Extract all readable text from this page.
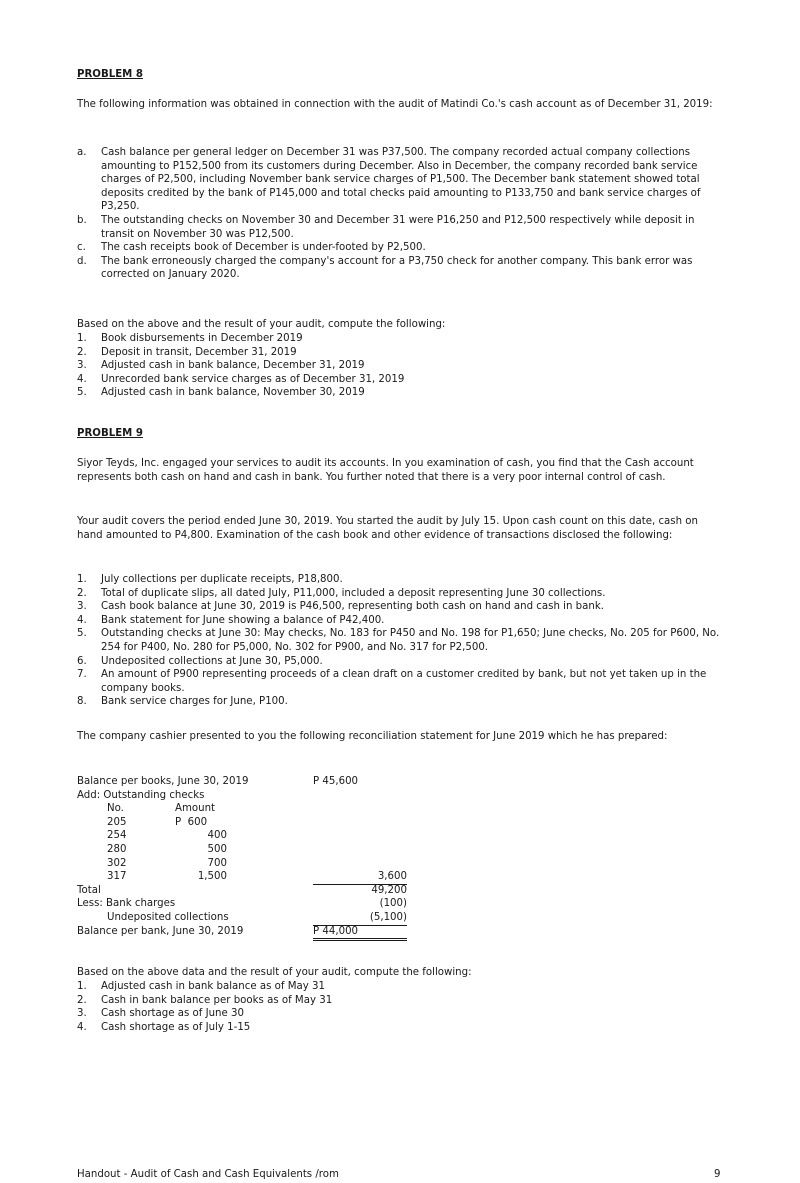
PROBLEM 8
The following information was obtained in connection with the audit of Matindi Co.'s cash account as of December 31, 2019:
a. Cash balance per general ledger on December 31 was P37,500. The company recorded actual company collections amounting to P152,500 from its customers during December. Also in December, the company recorded bank service charges of P2,500, including November bank service charges of P1,500. The December bank statement showed total deposits credited by the bank of P145,000 and total checks paid amounting to P133,750 and bank service charges of P3,250.
b. The outstanding checks on November 30 and December 31 were P16,250 and P12,500 respectively while deposit in transit on November 30 was P12,500.
c. The cash receipts book of December is under-footed by P2,500.
d. The bank erroneously charged the company's account for a P3,750 check for another company. This bank error was corrected on January 2020.
Based on the above and the result of your audit, compute the following:
1. Book disbursements in December 2019
2. Deposit in transit, December 31, 2019
3. Adjusted cash in bank balance, December 31, 2019
4. Unrecorded bank service charges as of December 31, 2019
5. Adjusted cash in bank balance, November 30, 2019
PROBLEM 9
Siyor Teyds, Inc. engaged your services to audit its accounts. In you examination of cash, you find that the Cash account represents both cash on hand and cash in bank. You further noted that there is a very poor internal control of cash.
Your audit covers the period ended June 30, 2019. You started the audit by July 15. Upon cash count on this date, cash on hand amounted to P4,800. Examination of the cash book and other evidence of transactions disclosed the following:
1. July collections per duplicate receipts, P18,800.
2. Total of duplicate slips, all dated July, P11,000, included a deposit representing June 30 collections.
3. Cash book balance at June 30, 2019 is P46,500, representing both cash on hand and cash in bank.
4. Bank statement for June showing a balance of P42,400.
5. Outstanding checks at June 30: May checks, No. 183 for P450 and No. 198 for P1,650; June checks, No. 205 for P600, No. 254 for P400, No. 280 for P5,000, No. 302 for P900, and No. 317 for P2,500.
6. Undeposited collections at June 30, P5,000.
7. An amount of P900 representing proceeds of a clean draft on a customer credited by bank, but not yet taken up in the company books.
8. Bank service charges for June, P100.
The company cashier presented to you the following reconciliation statement for June 2019 which he has prepared:
Balance per books, June 30, 2019	P 45,600
Add: Outstanding checks
No.	Amount
205	P  600
254	400
280	500
302	700
317	1,500	3,600
Total	49,200
Less: Bank charges	(100)
Undeposited collections	(5,100)
Balance per bank, June 30, 2019	P 44,000
Based on the above data and the result of your audit, compute the following:
1. Adjusted cash in bank balance as of May 31
2. Cash in bank balance per books as of May 31
3. Cash shortage as of June 30
4. Cash shortage as of July 1-15
Handout - Audit of Cash and Cash Equivalents /rom	9
